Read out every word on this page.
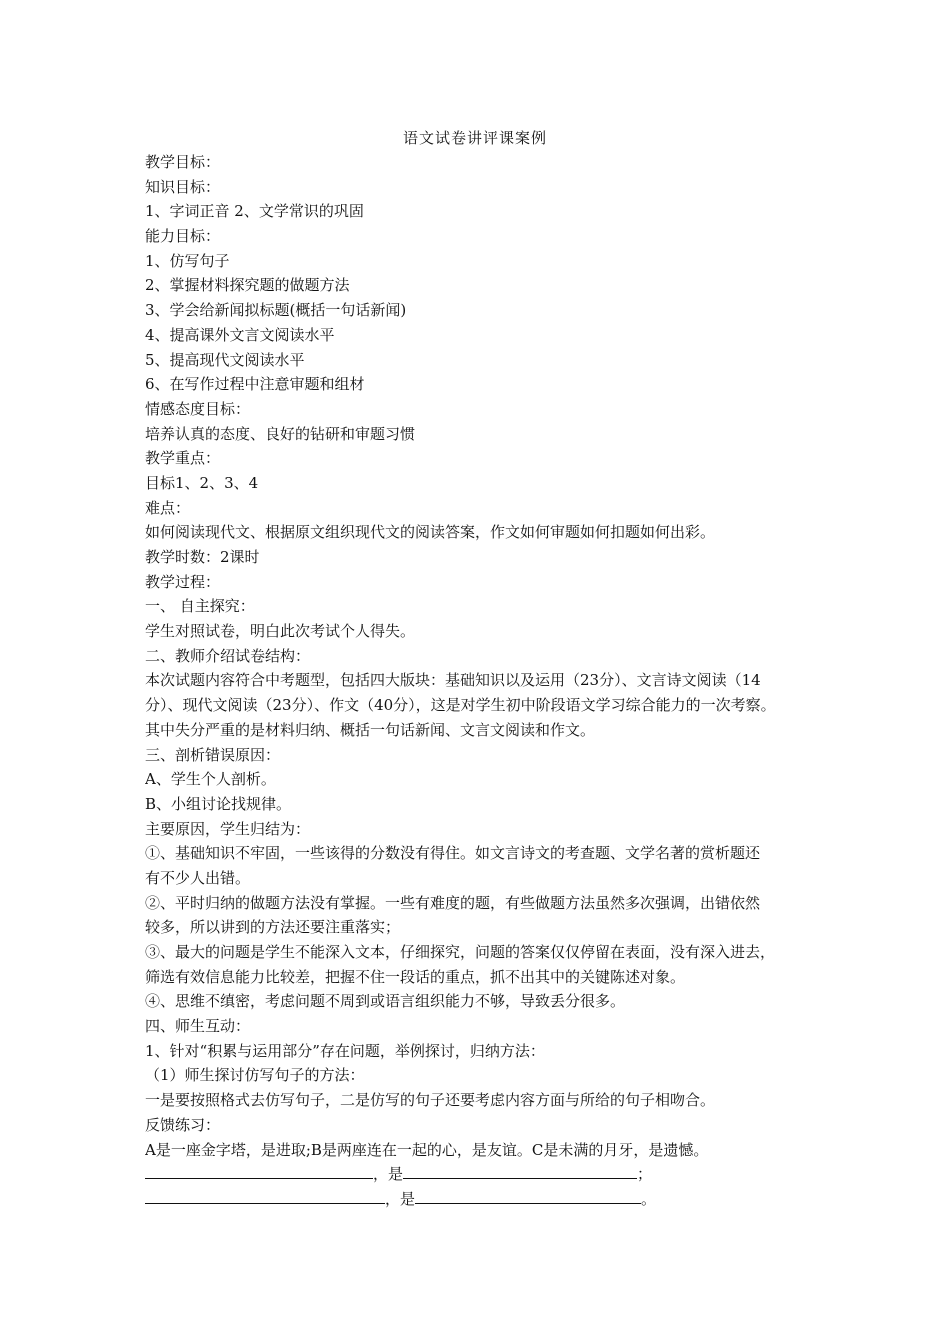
语文试卷讲评课案例
教学目标：
知识目标：
1、字词正音 2、文学常识的巩固
能力目标：
1、仿写句子
2、掌握材料探究题的做题方法
3、学会给新闻拟标题(概括一句话新闻)
4、提高课外文言文阅读水平
5、提高现代文阅读水平
6、在写作过程中注意审题和组材
情感态度目标：
培养认真的态度、良好的钻研和审题习惯
教学重点：
目标1、2、3、4
难点：
如何阅读现代文、根据原文组织现代文的阅读答案，作文如何审题如何扣题如何出彩。
教学时数：2课时
教学过程：
一、 自主探究：
学生对照试卷，明白此次考试个人得失。
二、教师介绍试卷结构：
本次试题内容符合中考题型，包括四大版块：基础知识以及运用（23分）、文言诗文阅读（14
分）、现代文阅读（23分）、作文（40分），这是对学生初中阶段语文学习综合能力的一次考察。
其中失分严重的是材料归纳、概括一句话新闻、文言文阅读和作文。
三、剖析错误原因：
A、学生个人剖析。
B、小组讨论找规律。
主要原因，学生归结为：
①、基础知识不牢固，一些该得的分数没有得住。如文言诗文的考查题、文学名著的赏析题还
有不少人出错。
②、平时归纳的做题方法没有掌握。一些有难度的题，有些做题方法虽然多次强调，出错依然
较多，所以讲到的方法还要注重落实；
③、最大的问题是学生不能深入文本，仔细探究，问题的答案仅仅停留在表面，没有深入进去，
筛选有效信息能力比较差，把握不住一段话的重点，抓不出其中的关键陈述对象。
④、思维不缜密，考虑问题不周到或语言组织能力不够，导致丢分很多。
四、师生互动：
1、针对“积累与运用部分”存在问题，举例探讨，归纳方法：
（1）师生探讨仿写句子的方法：
一是要按照格式去仿写句子，二是仿写的句子还要考虑内容方面与所给的句子相吻合。
反馈练习：
A是一座金字塔，是进取;B是两座连在一起的心，是友谊。C是未满的月牙，是遗憾。
，是	；
，是	。
